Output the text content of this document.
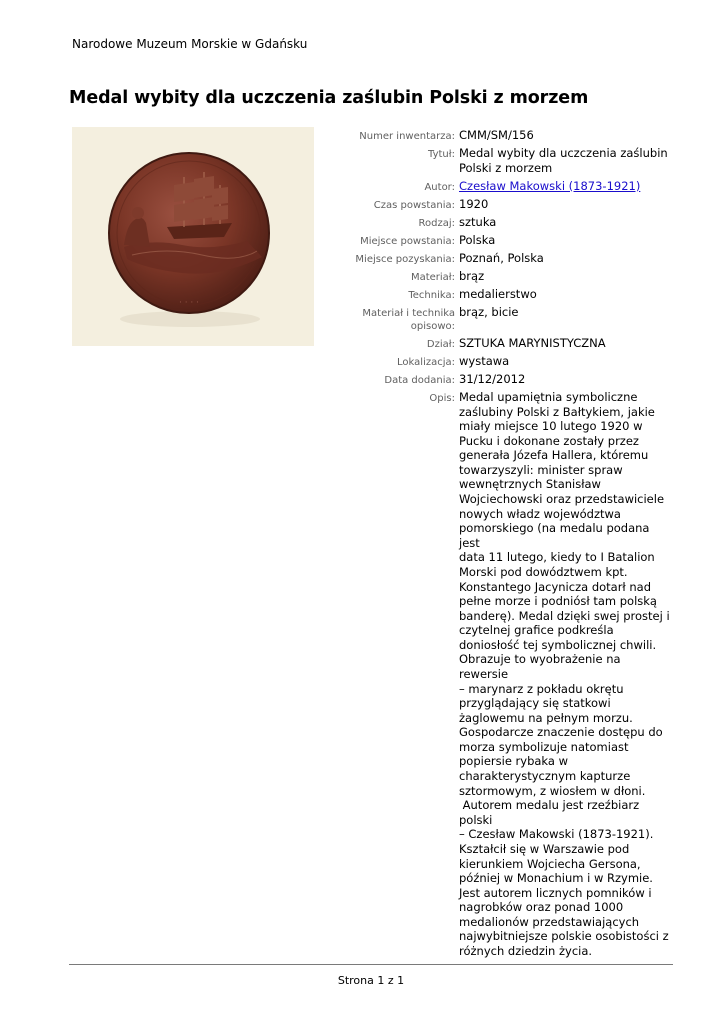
Narodowe Muzeum Morskie w Gdańsku
Medal wybity dla uczczenia zaślubin Polski z morzem
· · · ·
Numer inwentarza: CMM/SM/156
Tytuł: Medal wybity dla uczczenia zaślubin
Polski z morzem
Autor: Czesław Makowski (1873-1921)
Czas powstania: 1920
Rodzaj: sztuka
Miejsce powstania: Polska
Miejsce pozyskania: Poznań, Polska
Materiał: brąz
Technika: medalierstwo
Materiał i technika
opisowo:
brąz, bicie
Dział: SZTUKA MARYNISTYCZNA
Lokalizacja: wystawa
Data dodania: 31/12/2012
Opis: Medal upamiętnia symboliczne
zaślubiny Polski z Bałtykiem, jakie
miały miejsce 10 lutego 1920 w
Pucku i dokonane zostały przez
generała Józefa Hallera, któremu
towarzyszyli: minister spraw
wewnętrznych Stanisław
Wojciechowski oraz przedstawiciele
nowych władz województwa
pomorskiego (na medalu podana jest
data 11 lutego, kiedy to I Batalion
Morski pod dowództwem kpt.
Konstantego Jacynicza dotarł nad
pełne morze i podniósł tam polską
banderę). Medal dzięki swej prostej i
czytelnej grafice podkreśla
doniosłość tej symbolicznej chwili.
Obrazuje to wyobrażenie na rewersie
– marynarz z pokładu okrętu
przyglądający się statkowi
żaglowemu na pełnym morzu.
Gospodarcze znaczenie dostępu do
morza symbolizuje natomiast
popiersie rybaka w
charakterystycznym kapturze
sztormowym, z wiosłem w dłoni.
Autorem medalu jest rzeźbiarz polski
– Czesław Makowski (1873-1921).
Kształcił się w Warszawie pod
kierunkiem Wojciecha Gersona,
później w Monachium i w Rzymie.
Jest autorem licznych pomników i
nagrobków oraz ponad 1000
medalionów przedstawiających
najwybitniejsze polskie osobistości z
różnych dziedzin życia.
Strona 1 z 1
